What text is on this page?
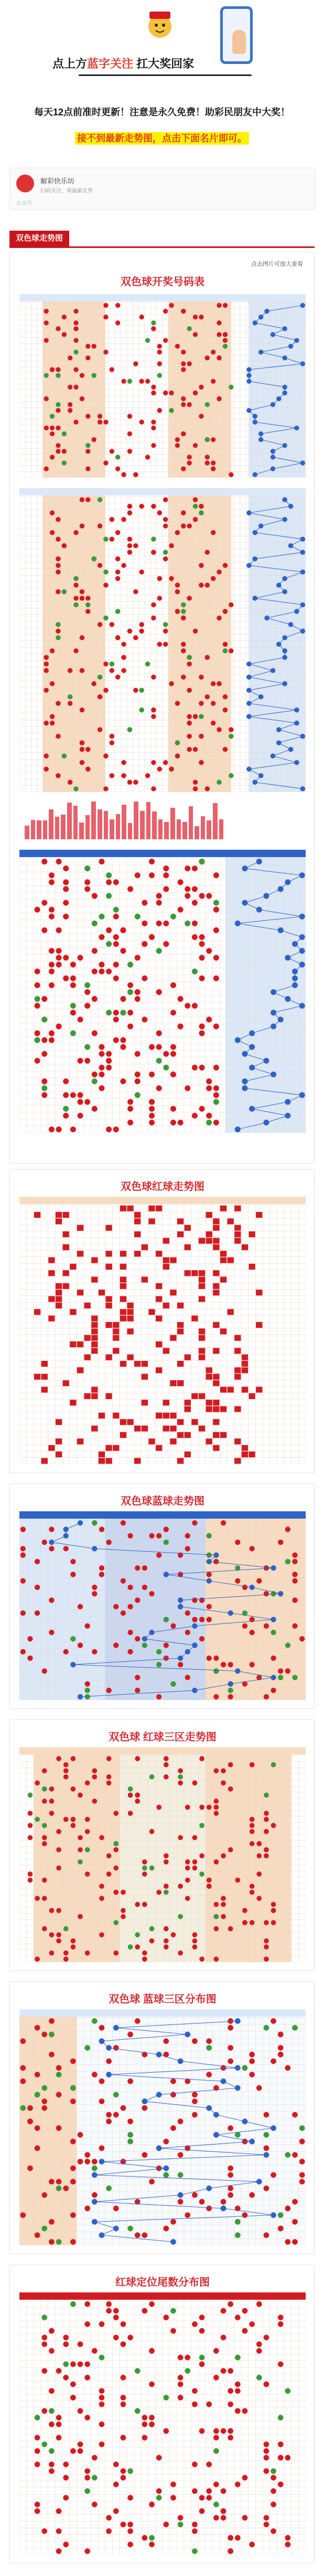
点上方蓝字关注 扛大奖回家
每天12点前准时更新！注意是永久免费！助彩民朋友中大奖！
接不到最新走势图，点击下面名片即可。
解彩快乐坊
扫码关注，看最新走势
公众号
双色球走势图
点击图片可放大查看
双色球开奖号码表
双色球红球走势图
双色球蓝球走势图
双色球 红球三区走势图
双色球 蓝球三区分布图
红球定位尾数分布图
